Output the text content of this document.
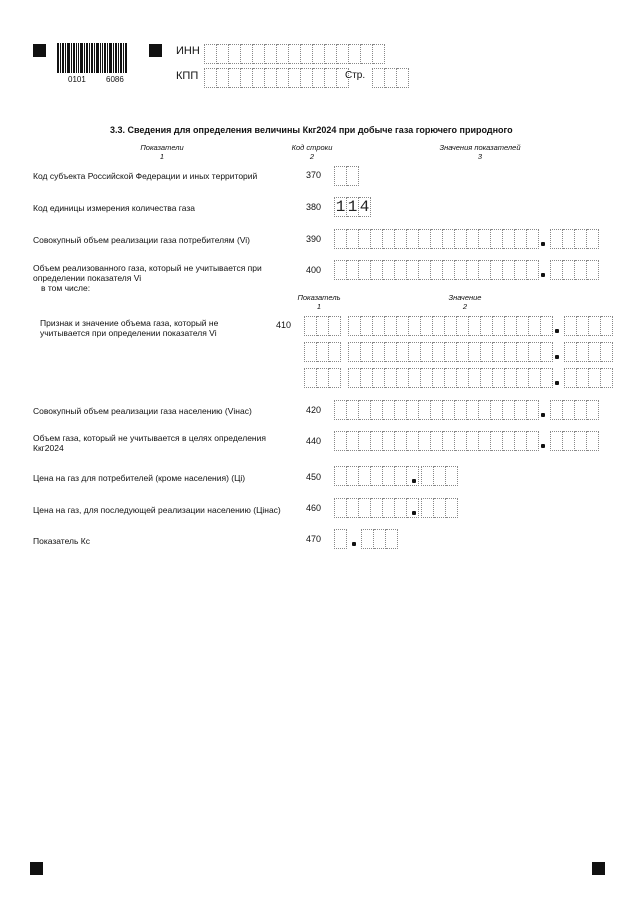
0101	6086
ИНН
КПП	Стр.
3.3. Сведения для определения величины Ккг2024 при добыче газа горючего природного
Показатели
1
Код строки
2
Значения показателей
3
Код субъекта Российской Федерации и иных территорий	370
Код единицы измерения количества газа	380 1 1 4
Совокупный объем реализации газа потребителям (Vi)	390
Объем реализованного газа, который не учитывается при определении показателя Vi
в том числе:
400
Показатель
1
Значение
2
Признак и значение объема газа, который не учитывается при определении показателя Vi
410
Совокупный объем реализации газа населению (Vінас)	420
Объем газа, который не учитывается в целях определения Ккг2024
440
Цена на газ для потребителей (кроме населения) (Цi)	450
Цена на газ, для последующей реализации населению (Цінас)	460
Показатель Кс	470
